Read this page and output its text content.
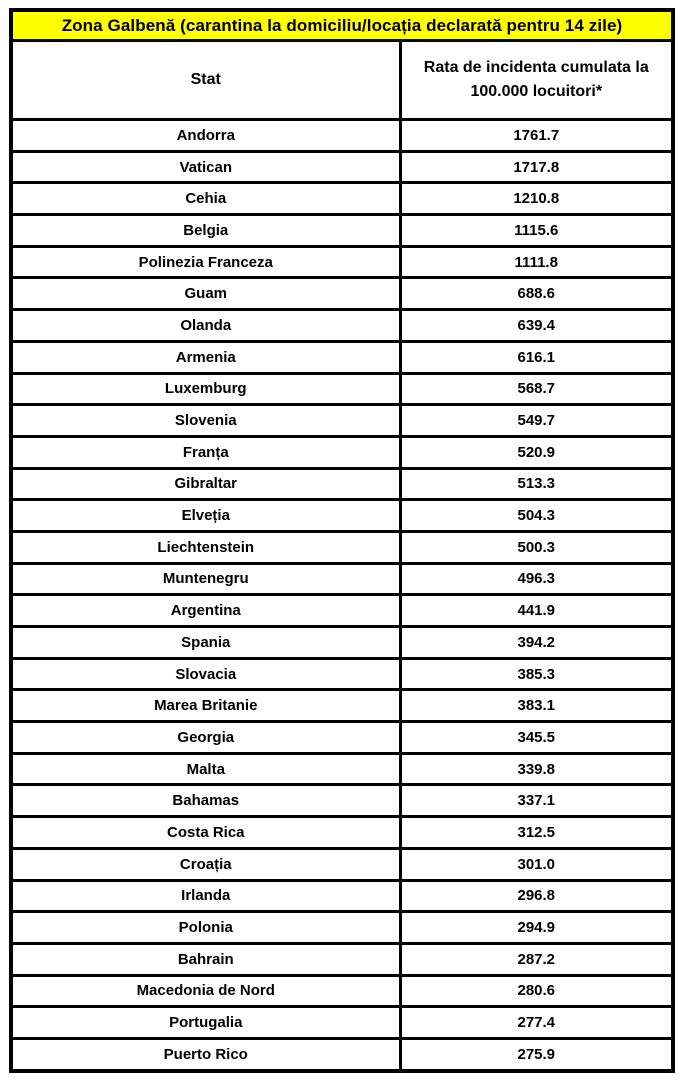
Zona Galbenă (carantina la domiciliu/locația declarată pentru 14 zile)	
Stat	Rata de incidenta cumulata la 100.000 locuitori*
Andorra	1761.7
Vatican	1717.8
Cehia	1210.8
Belgia	1115.6
Polinezia Franceza	1111.8
Guam	688.6
Olanda	639.4
Armenia	616.1
Luxemburg	568.7
Slovenia	549.7
Franța	520.9
Gibraltar	513.3
Elveția	504.3
Liechtenstein	500.3
Muntenegru	496.3
Argentina	441.9
Spania	394.2
Slovacia	385.3
Marea Britanie	383.1
Georgia	345.5
Malta	339.8
Bahamas	337.1
Costa Rica	312.5
Croația	301.0
Irlanda	296.8
Polonia	294.9
Bahrain	287.2
Macedonia de Nord	280.6
Portugalia	277.4
Puerto Rico	275.9
